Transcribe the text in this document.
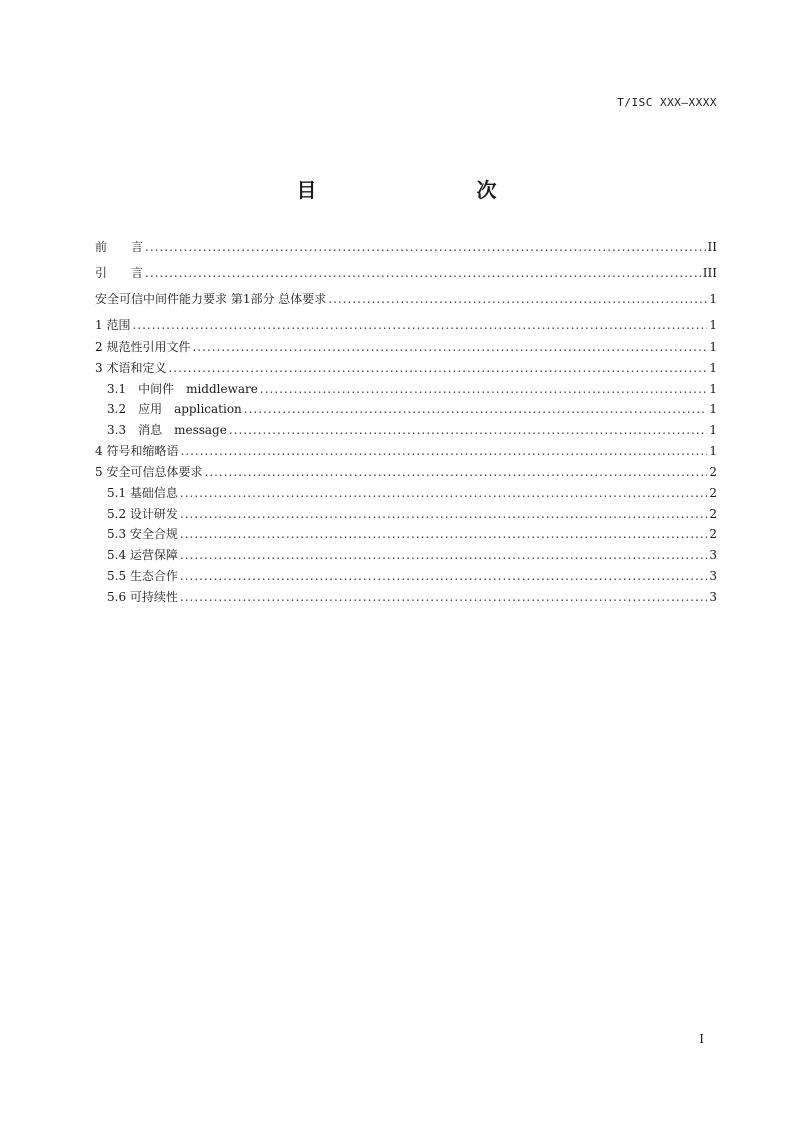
T/ISC XXX—XXXX
目　　次
前　　言 .....	II
引　　言 .....	III
安全可信中间件能力要求 第1部分 总体要求 .....	1
1 范围 .....	1
2 规范性引用文件 .....	1
3 术语和定义 .....	1
3.1　中间件　middleware .....	1
3.2　应用　application .....	1
3.3　消息　message .....	1
4 符号和缩略语 .....	1
5 安全可信总体要求 .....	2
5.1 基础信息 .....	2
5.2 设计研发 .....	2
5.3 安全合规 .....	2
5.4 运营保障 .....	3
5.5 生态合作 .....	3
5.6 可持续性 .....	3
I
